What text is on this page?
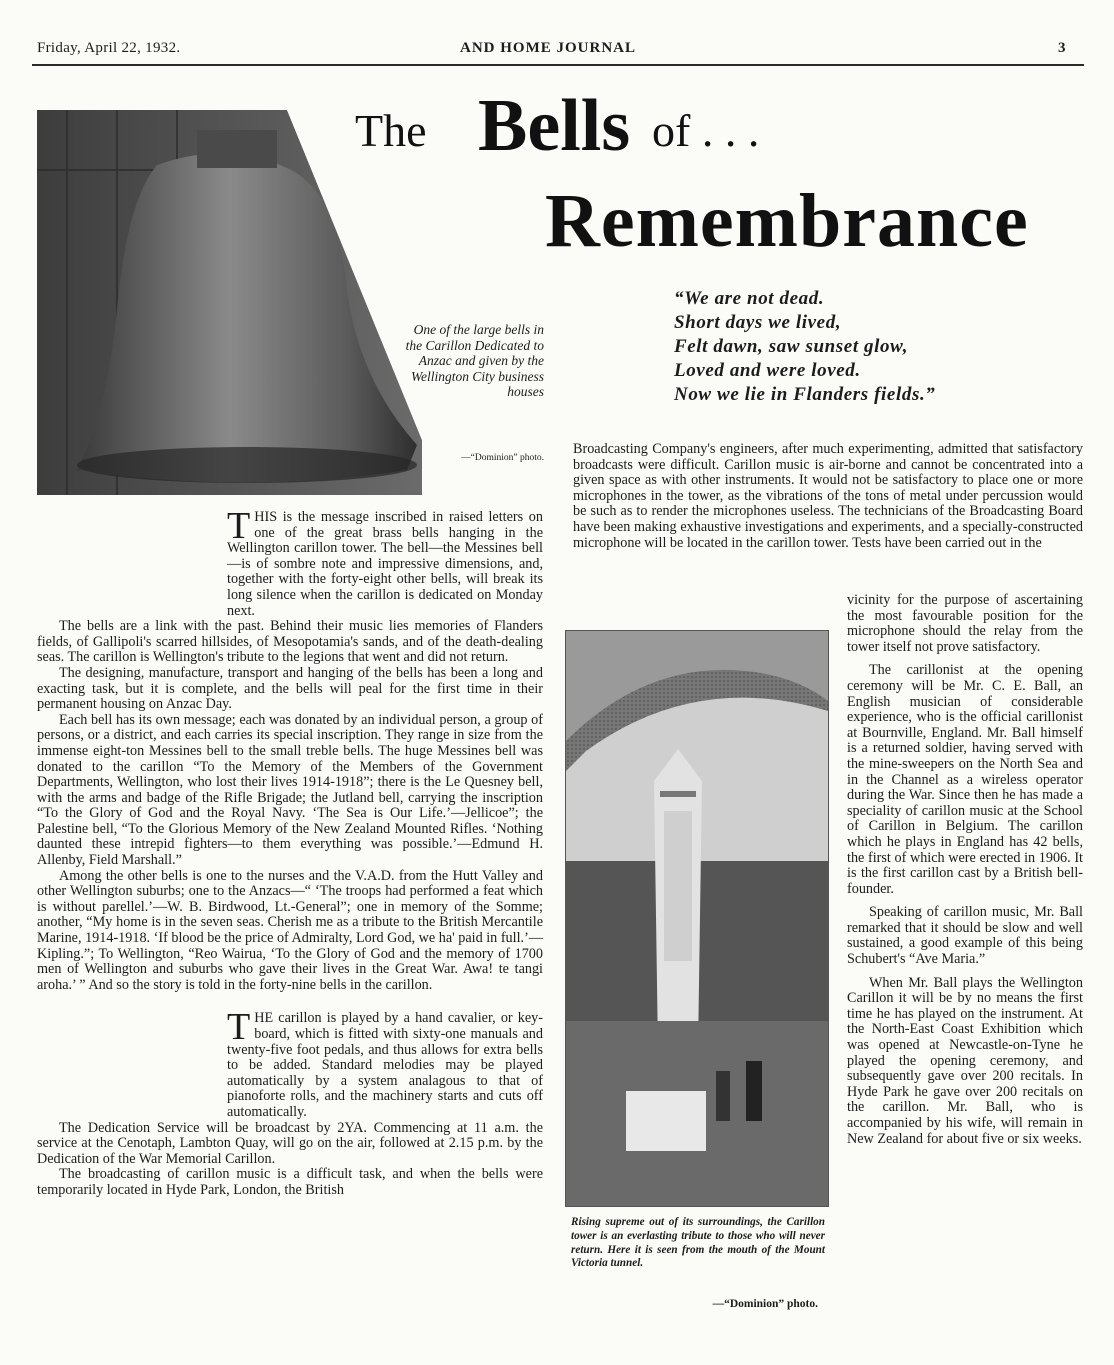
Friday, April 22, 1932.	AND HOME JOURNAL	3
The Bells of . . .
Remembrance
One of the large bells in the Carillon Dedicated to Anzac and given by the Wellington City business houses
—“Dominion” photo.
“We are not dead.
Short days we lived,
Felt dawn, saw sunset glow,
Loved and were loved.
Now we lie in Flanders fields.”

THIS is the message inscribed in raised letters on one of the great brass bells hanging in the Wellington carillon tower. The bell—the Messines bell—is of sombre note and impressive dimensions, and, together with the forty-eight other bells, will break its long silence when the carillon is dedicated on Monday next.

The bells are a link with the past. Behind their music lies memories of Flanders fields, of Gallipoli's scarred hillsides, of Mesopotamia's sands, and of the death-dealing seas. The carillon is Wellington's tribute to the legions that went and did not return.

The designing, manufacture, transport and hanging of the bells has been a long and exacting task, but it is complete, and the bells will peal for the first time in their permanent housing on Anzac Day.

Each bell has its own message; each was donated by an individual person, a group of persons, or a district, and each carries its special inscription. They range in size from the immense eight-ton Messines bell to the small treble bells. The huge Messines bell was donated to the carillon “To the Memory of the Members of the Government Departments, Wellington, who lost their lives 1914-1918”; there is the Le Quesney bell, with the arms and badge of the Rifle Brigade; the Jutland bell, carrying the inscription “To the Glory of God and the Royal Navy. ‘The Sea is Our Life.’—Jellicoe”; the Palestine bell, “To the Glorious Memory of the New Zealand Mounted Rifles. ‘Nothing daunted these intrepid fighters—to them everything was possible.’—Edmund H. Allenby, Field Marshall.”

Among the other bells is one to the nurses and the V.A.D. from the Hutt Valley and other Wellington suburbs; one to the Anzacs—“ ‘The troops had performed a feat which is without parellel.’—W. B. Birdwood, Lt.-General”; one in memory of the Somme; another, “My home is in the seven seas. Cherish me as a tribute to the British Mercantile Marine, 1914-1918. ‘If blood be the price of Admiralty, Lord God, we ha' paid in full.’—Kipling.”; To Wellington, “Reo Wairua, ‘To the Glory of God and the memory of 1700 men of Wellington and suburbs who gave their lives in the Great War. Awa! te tangi aroha.’ ” And so the story is told in the forty-nine bells in the carillon.

THE carillon is played by a hand cavalier, or key-board, which is fitted with sixty-one manuals and twenty-five foot pedals, and thus allows for extra bells to be added. Standard melodies may be played automatically by a system analagous to that of pianoforte rolls, and the machinery starts and cuts off automatically.

The Dedication Service will be broadcast by 2YA. Commencing at 11 a.m. the service at the Cenotaph, Lambton Quay, will go on the air, followed at 2.15 p.m. by the Dedication of the War Memorial Carillon.

The broadcasting of carillon music is a difficult task, and when the bells were temporarily located in Hyde Park, London, the British

Broadcasting Company's engineers, after much experimenting, admitted that satisfactory broadcasts were difficult. Carillon music is air-borne and cannot be concentrated into a given space as with other instruments. It would not be satisfactory to place one or more microphones in the tower, as the vibrations of the tons of metal under percussion would be such as to render the microphones useless. The technicians of the Broadcasting Board have been making exhaustive investigations and experiments, and a specially-constructed microphone will be located in the carillon tower. Tests have been carried out in the

vicinity for the purpose of ascertaining the most favourable position for the microphone should the relay from the tower itself not prove satisfactory.

The carillonist at the opening ceremony will be Mr. C. E. Ball, an English musician of considerable experience, who is the official carillonist at Bournville, England. Mr. Ball himself is a returned soldier, having served with the mine-sweepers on the North Sea and in the Channel as a wireless operator during the War. Since then he has made a speciality of carillon music at the School of Carillon in Belgium. The carillon which he plays in England has 42 bells, the first of which were erected in 1906. It is the first carillon cast by a British bell-founder.

Speaking of carillon music, Mr. Ball remarked that it should be slow and well sustained, a good example of this being Schubert's “Ave Maria.”

When Mr. Ball plays the Wellington Carillon it will be by no means the first time he has played on the instrument. At the North-East Coast Exhibition which was opened at Newcastle-on-Tyne he played the opening ceremony, and subsequently gave over 200 recitals. In Hyde Park he gave over 200 recitals on the carillon. Mr. Ball, who is accompanied by his wife, will remain in New Zealand for about five or six weeks.

Rising supreme out of its surroundings, the Carillon tower is an everlasting tribute to those who will never return. Here it is seen from the mouth of the Mount Victoria tunnel.
—“Dominion” photo.
